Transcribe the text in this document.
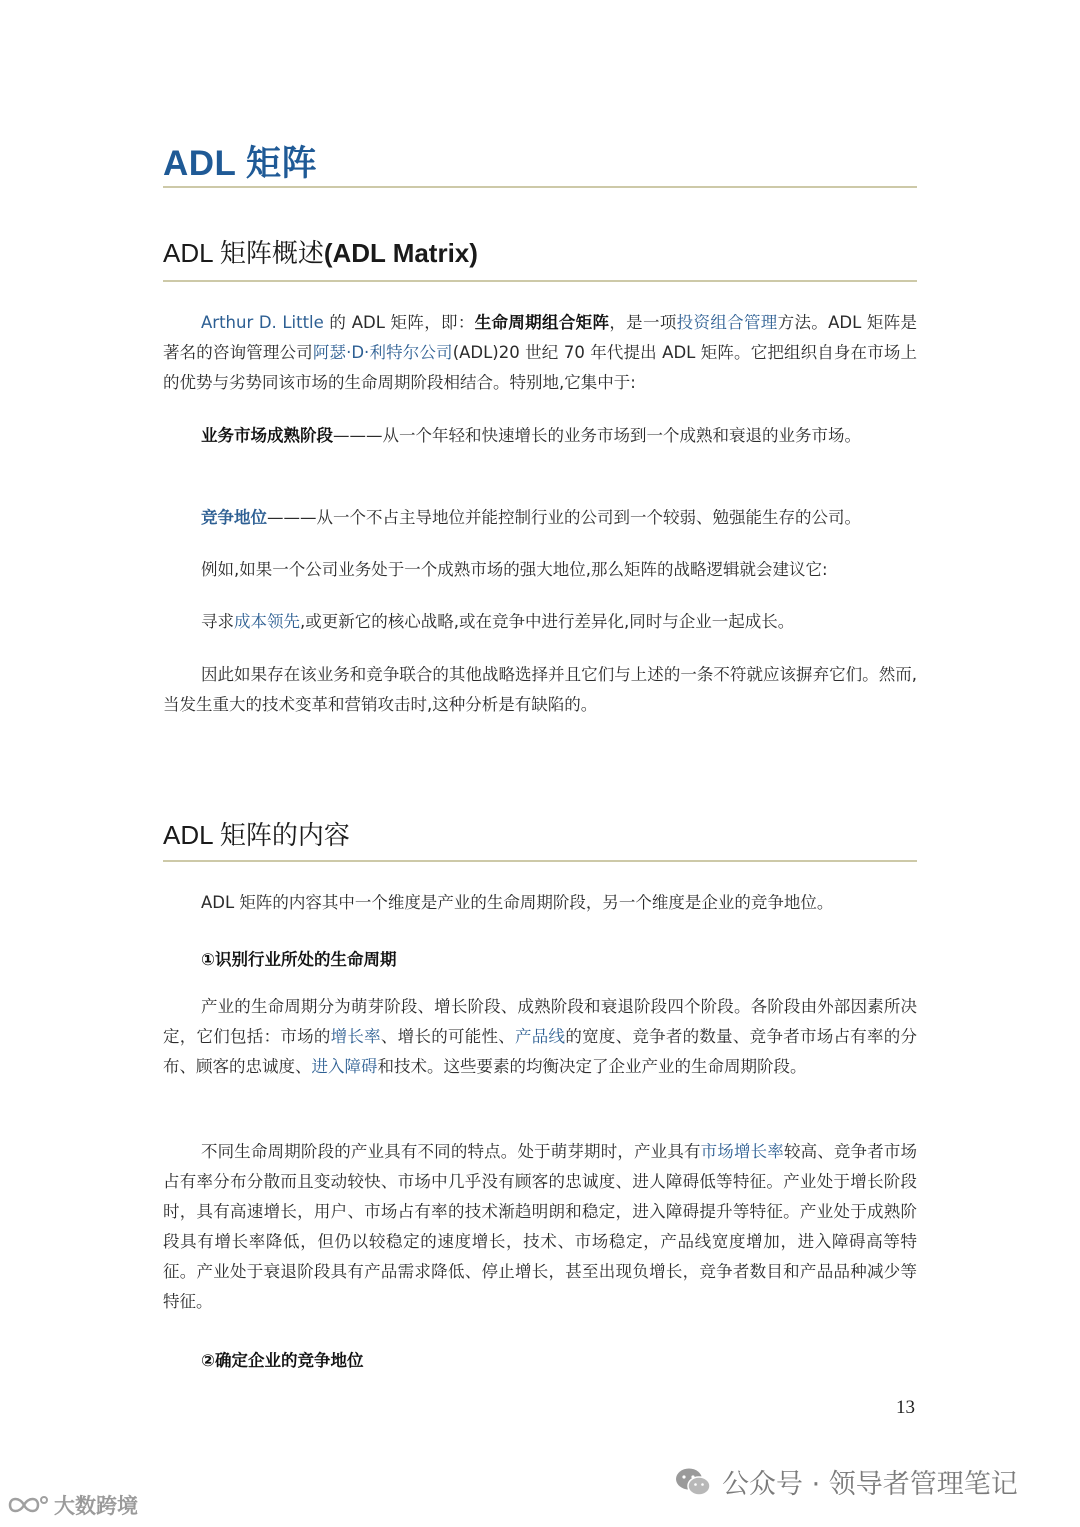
ADL 矩阵
ADL 矩阵概述(ADL Matrix)

Arthur D. Little 的 ADL 矩阵，即：生命周期组合矩阵，是一项投资组合管理方法。ADL 矩阵是著名的咨询管理公司阿瑟·D·利特尔公司(ADL)20 世纪 70 年代提出 ADL 矩阵。它把组织自身在市场上的优势与劣势同该市场的生命周期阶段相结合。特别地,它集中于:

业务市场成熟阶段———从一个年轻和快速增长的业务市场到一个成熟和衰退的业务市场。

竞争地位———从一个不占主导地位并能控制行业的公司到一个较弱、勉强能生存的公司。

例如,如果一个公司业务处于一个成熟市场的强大地位,那么矩阵的战略逻辑就会建议它:

寻求成本领先,或更新它的核心战略,或在竞争中进行差异化,同时与企业一起成长。

因此如果存在该业务和竞争联合的其他战略选择并且它们与上述的一条不符就应该摒弃它们。然而,当发生重大的技术变革和营销攻击时,这种分析是有缺陷的。

ADL 矩阵的内容

ADL 矩阵的内容其中一个维度是产业的生命周期阶段，另一个维度是企业的竞争地位。

①识别行业所处的生命周期

产业的生命周期分为萌芽阶段、增长阶段、成熟阶段和衰退阶段四个阶段。各阶段由外部因素所决定，它们包括：市场的增长率、增长的可能性、产品线的宽度、竞争者的数量、竞争者市场占有率的分布、顾客的忠诚度、进入障碍和技术。这些要素的均衡决定了企业产业的生命周期阶段。

不同生命周期阶段的产业具有不同的特点。处于萌芽期时，产业具有市场增长率较高、竞争者市场占有率分布分散而且变动较快、市场中几乎没有顾客的忠诚度、进人障碍低等特征。产业处于增长阶段时，具有高速增长，用户、市场占有率的技术渐趋明朗和稳定，进入障碍提升等特征。产业处于成熟阶段具有增长率降低，但仍以较稳定的速度增长，技术、市场稳定，产品线宽度增加，进入障碍高等特征。产业处于衰退阶段具有产品需求降低、停止增长，甚至出现负增长，竞争者数目和产品品种减少等特征。

②确定企业的竞争地位
13
公众号 · 领导者管理笔记
大数跨境
